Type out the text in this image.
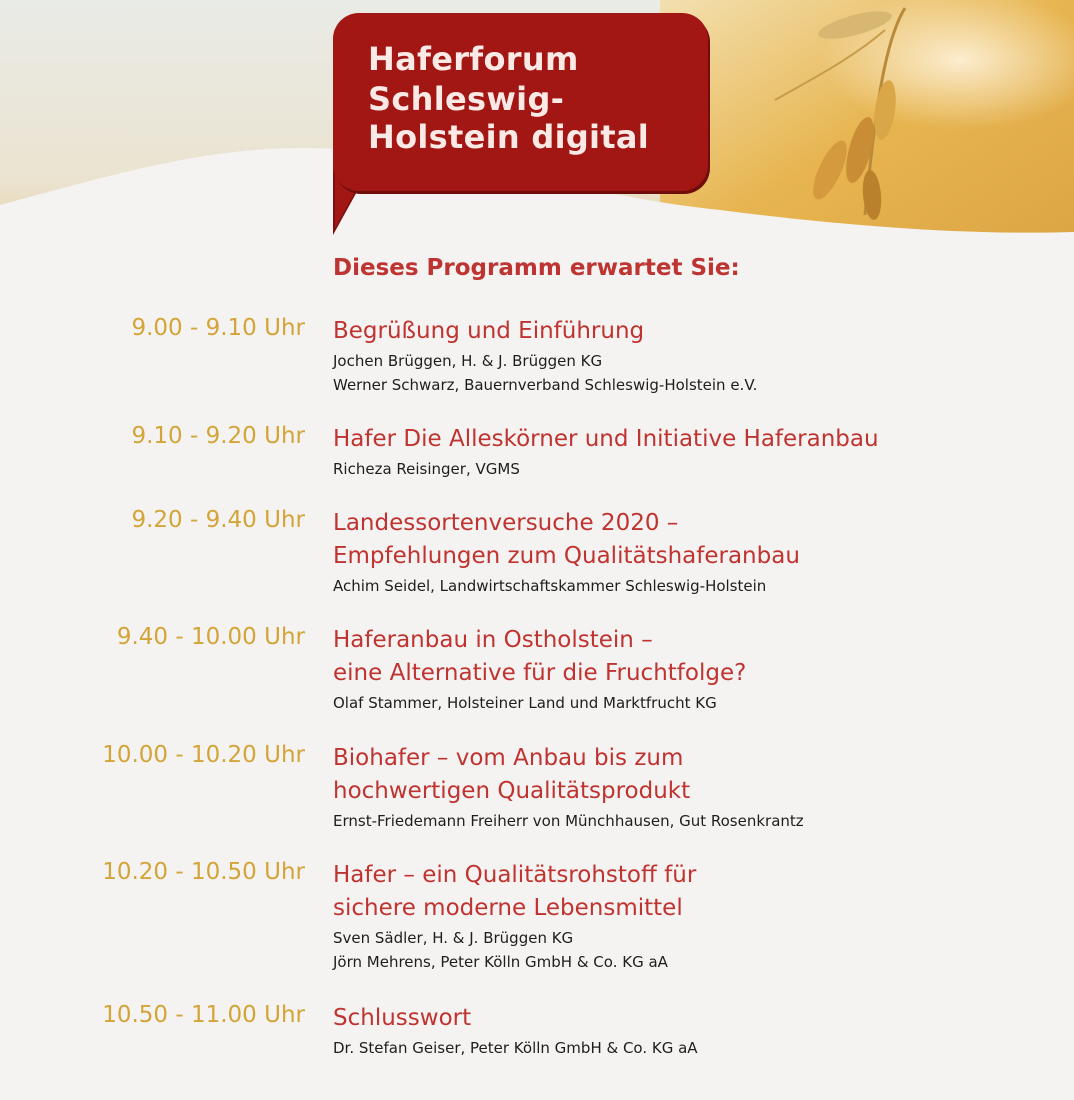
Haferforum
Schleswig-
Holstein digital
Dieses Programm erwartet Sie:
9.00 - 9.10 Uhr Begrüßung und Einführung
Jochen Brüggen, H. & J. Brüggen KG
Werner Schwarz, Bauernverband Schleswig-Holstein e.V.
9.10 - 9.20 Uhr Hafer Die Alleskörner und Initiative Haferanbau
Richeza Reisinger, VGMS
9.20 - 9.40 Uhr Landessortenversuche 2020 –
Empfehlungen zum Qualitätshaferanbau
Achim Seidel, Landwirtschaftskammer Schleswig-Holstein
9.40 - 10.00 Uhr Haferanbau in Ostholstein –
eine Alternative für die Fruchtfolge?
Olaf Stammer, Holsteiner Land und Marktfrucht KG
10.00 - 10.20 Uhr Biohafer – vom Anbau bis zum
hochwertigen Qualitätsprodukt
Ernst-Friedemann Freiherr von Münchhausen, Gut Rosenkrantz
10.20 - 10.50 Uhr Hafer – ein Qualitätsrohstoff für
sichere moderne Lebensmittel
Sven Sädler, H. & J. Brüggen KG
Jörn Mehrens, Peter Kölln GmbH & Co. KG aA
10.50 - 11.00 Uhr Schlusswort
Dr. Stefan Geiser, Peter Kölln GmbH & Co. KG aA
